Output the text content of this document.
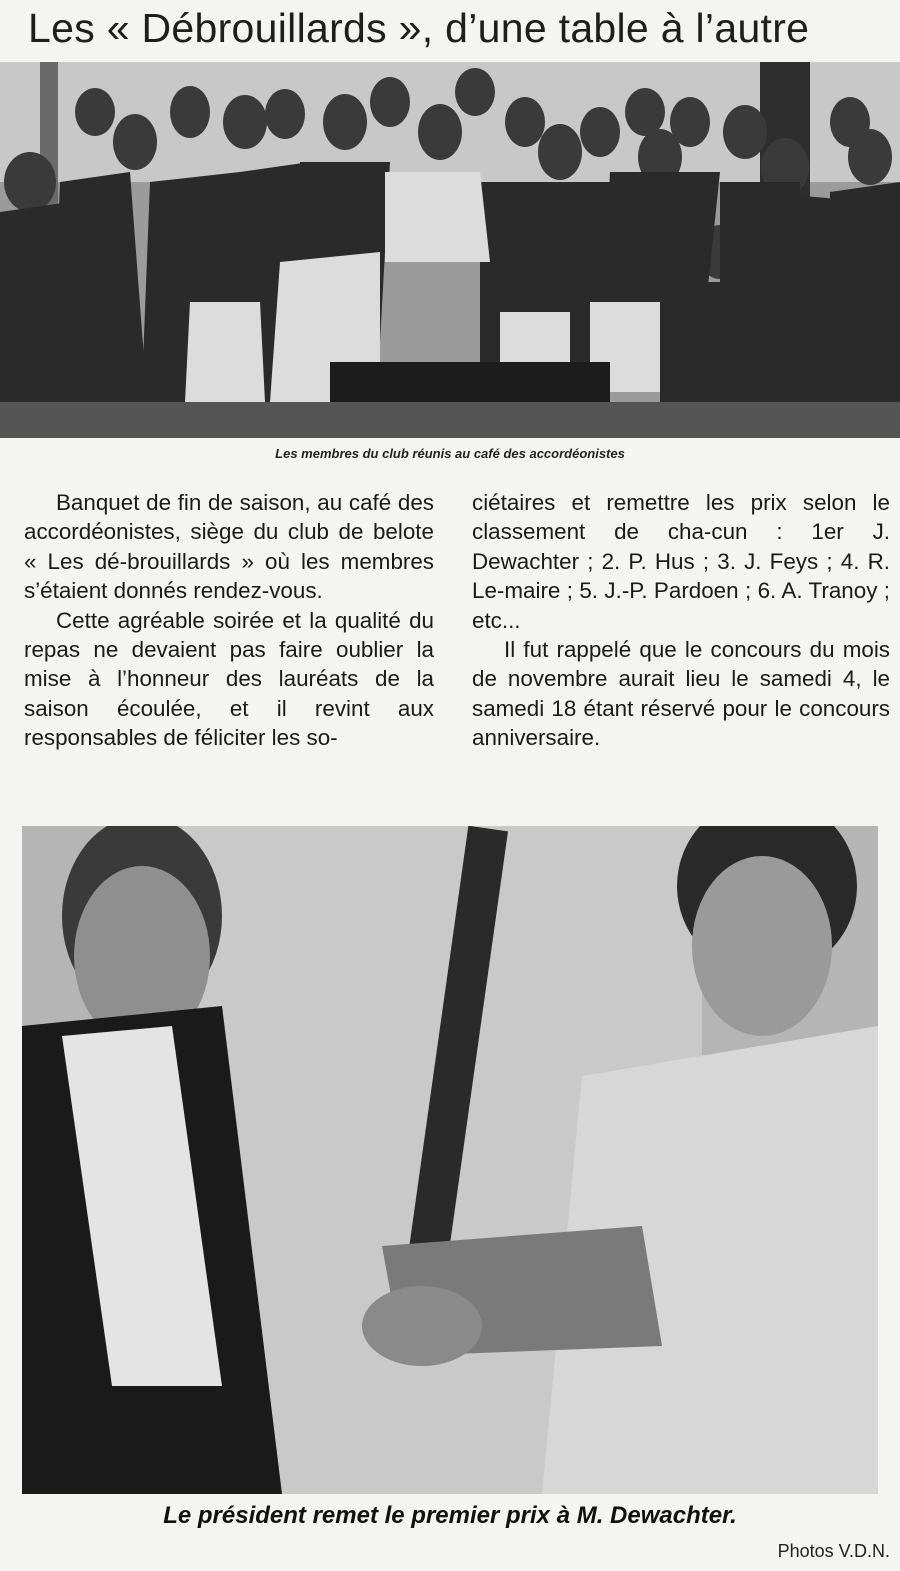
Les « Débrouillards », d’une table à l’autre
Les membres du club réunis au café des accordéonistes

Banquet de fin de saison, au café des accordéonistes, siège du club de belote « Les dé-brouillards » où les membres s’étaient donnés rendez-vous.

Cette agréable soirée et la qualité du repas ne devaient pas faire oublier la mise à l’honneur des lauréats de la saison écoulée, et il revint aux responsables de féliciter les so-

ciétaires et remettre les prix selon le classement de cha-cun : 1er J. Dewachter ; 2. P. Hus ; 3. J. Feys ; 4. R. Le-maire ; 5. J.-P. Pardoen ; 6. A. Tranoy ; etc...

Il fut rappelé que le concours du mois de novembre aurait lieu le samedi 4, le samedi 18 étant réservé pour le concours anniversaire.

Le président remet le premier prix à M. Dewachter.
Photos V.D.N.
